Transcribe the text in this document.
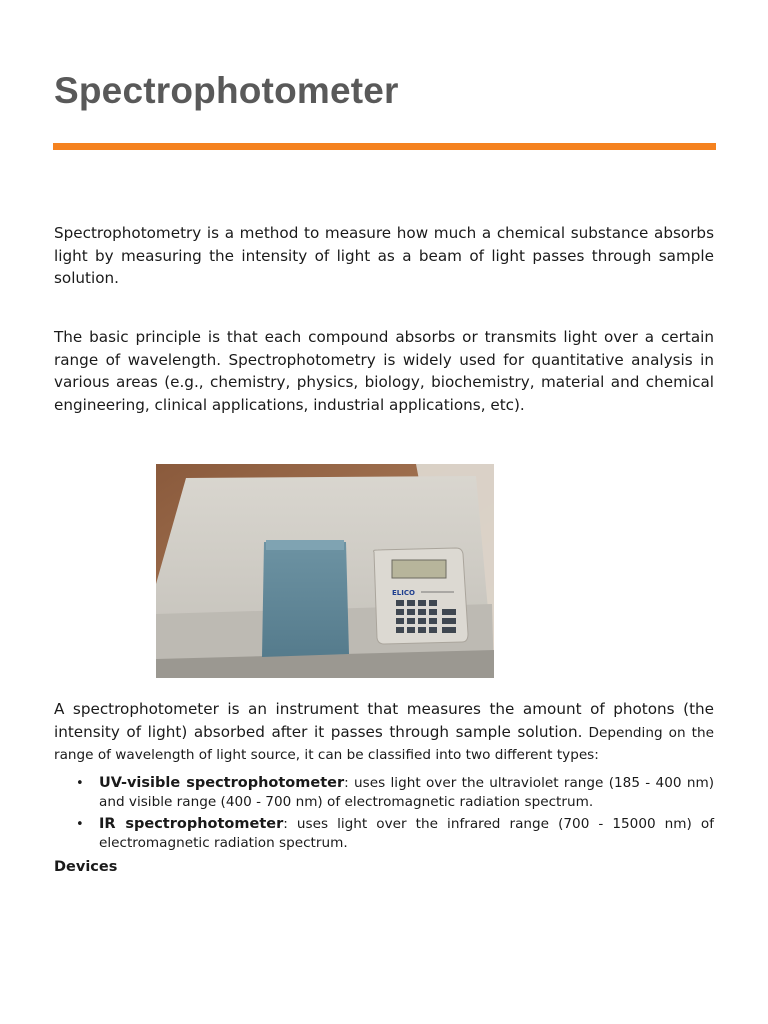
Spectrophotometer

Spectrophotometry is a method to measure how much a chemical substance absorbs light by measuring the intensity of light as a beam of light passes through sample solution.

The basic principle is that each compound absorbs or transmits light over a certain range of wavelength. Spectrophotometry is widely used for quantitative analysis in various areas (e.g., chemistry, physics, biology, biochemistry, material and chemical engineering, clinical applications, industrial applications, etc).

ELICO

A spectrophotometer is an instrument that measures the amount of photons (the intensity of light) absorbed after it passes through sample solution. Depending on the range of wavelength of light source, it can be classified into two different types:

• UV-visible spectrophotometer: uses light over the ultraviolet range (185 - 400 nm) and visible range (400 - 700 nm) of electromagnetic radiation spectrum.
• IR spectrophotometer: uses light over the infrared range (700 - 15000 nm) of electromagnetic radiation spectrum.

Devices
